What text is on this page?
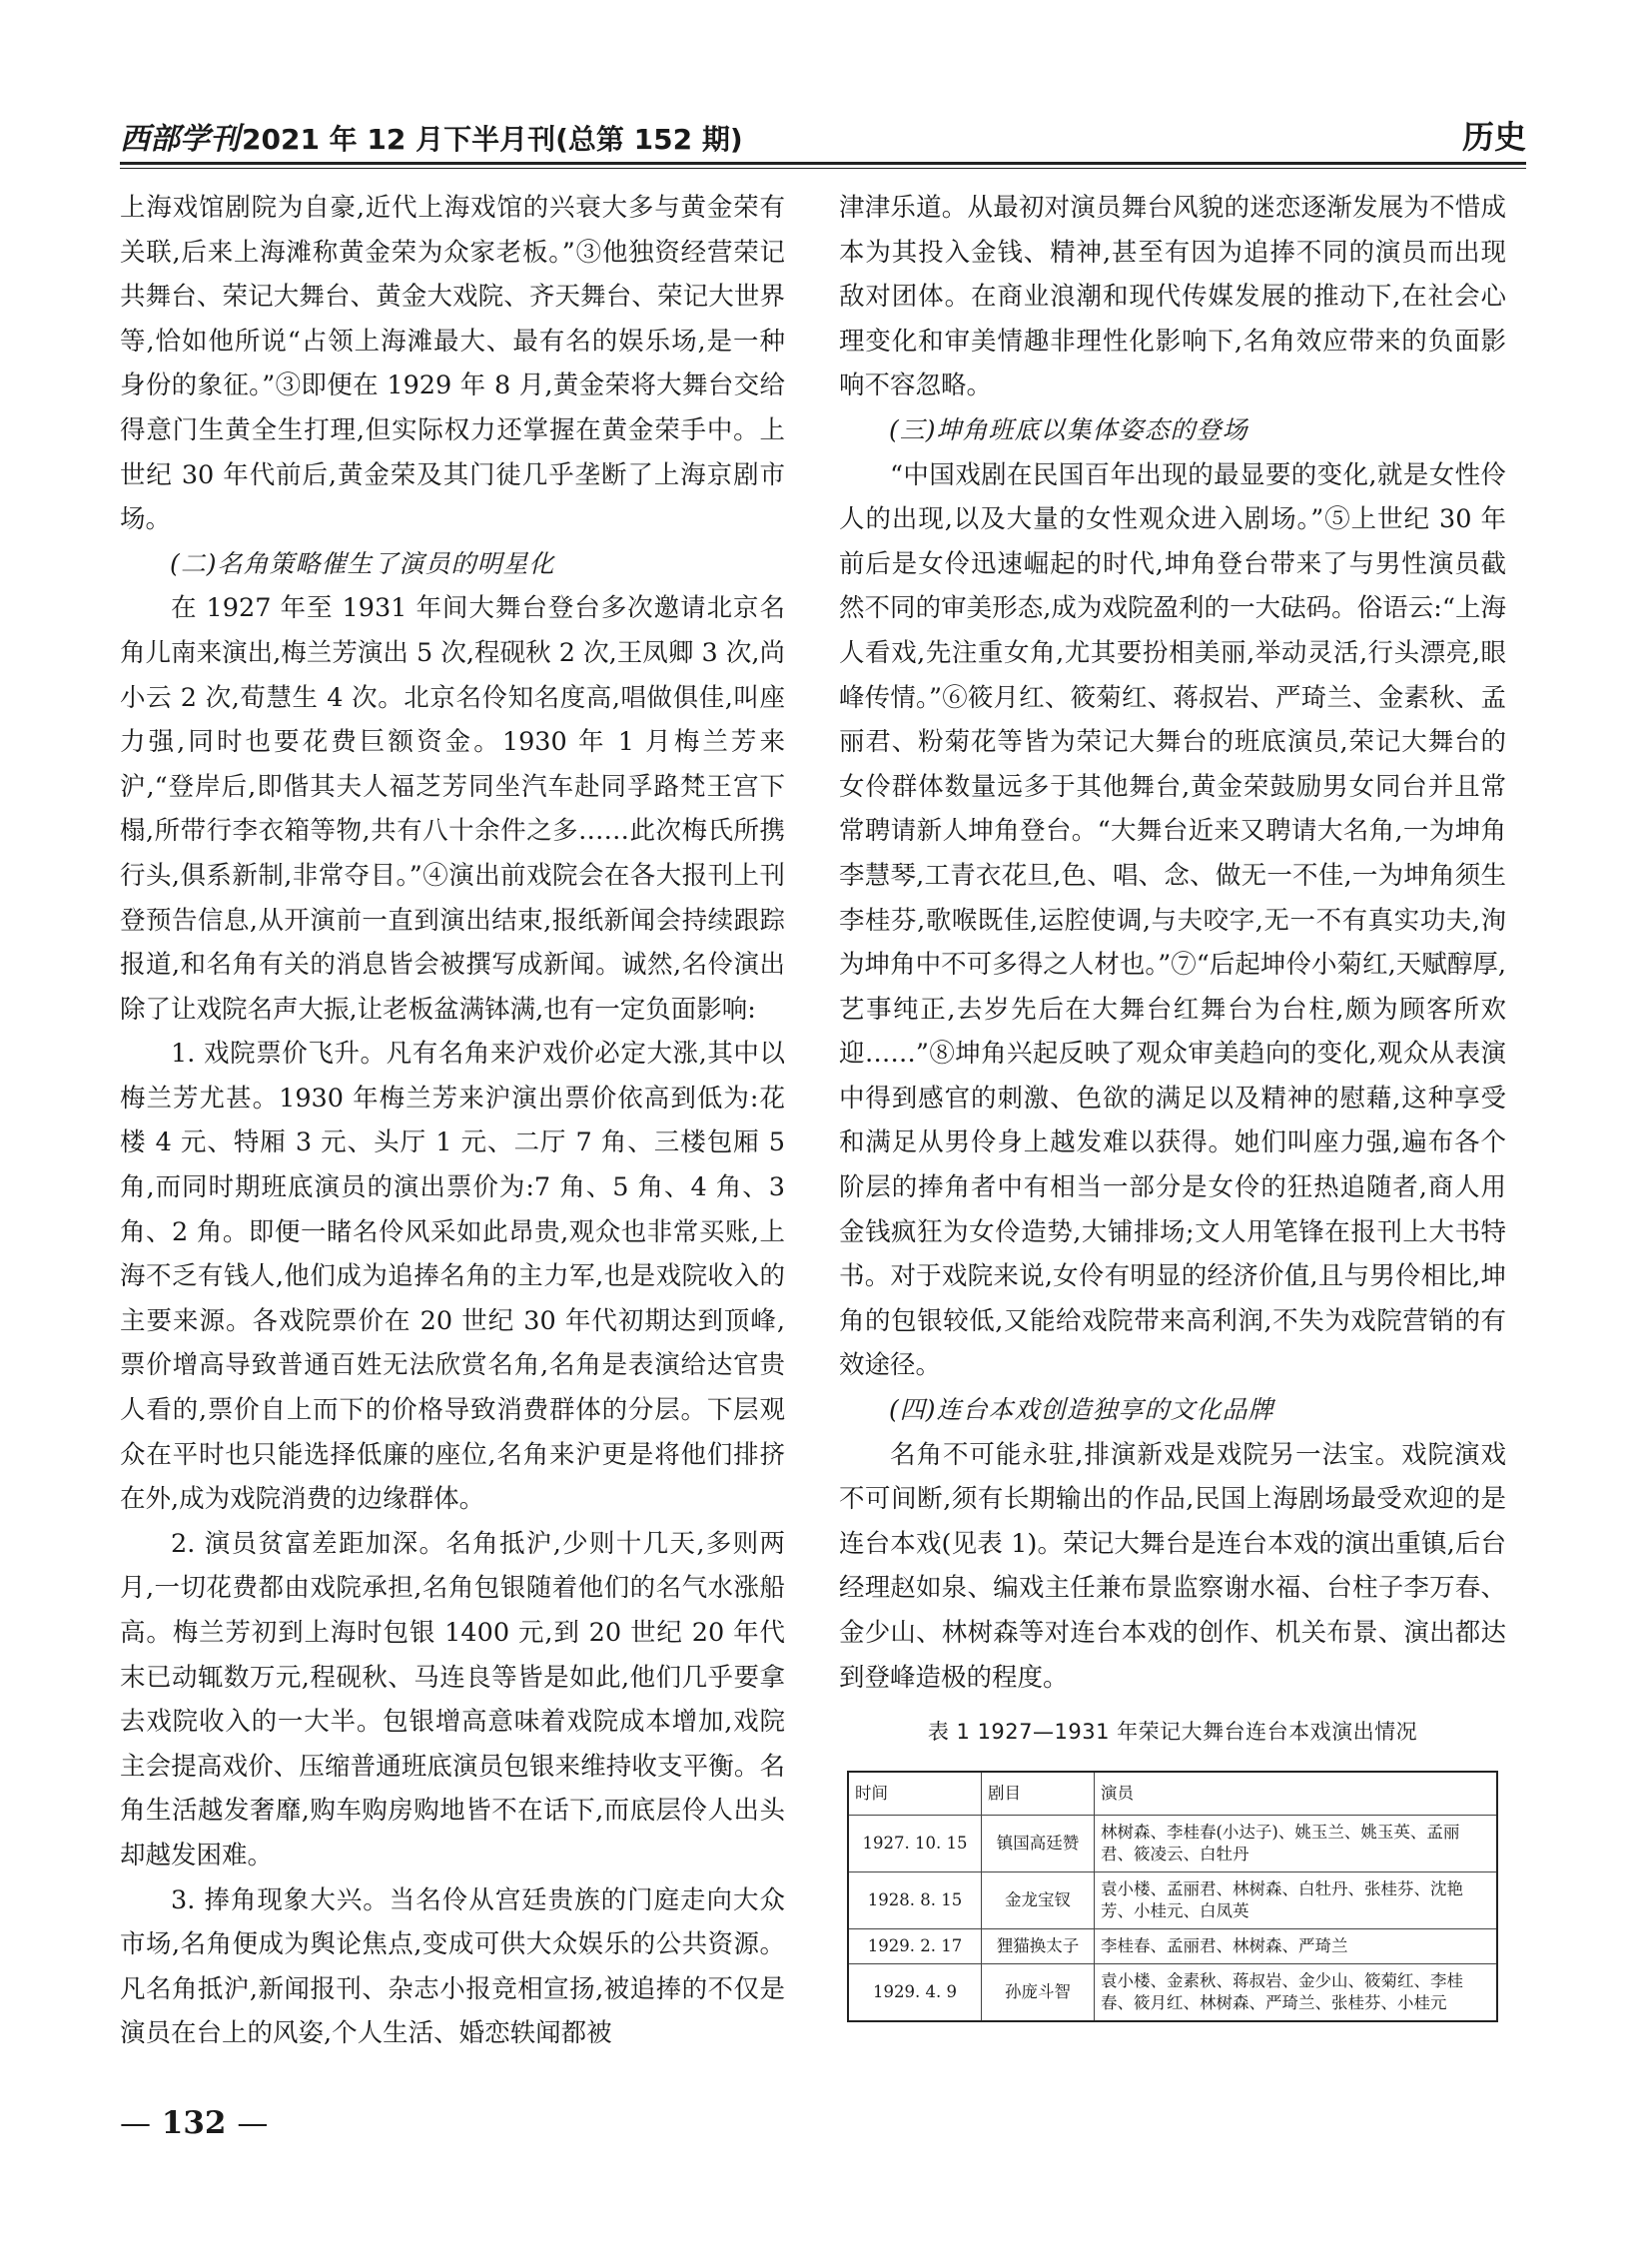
西部学刊2021 年 12 月下半月刊(总第 152 期)	历史

上海戏馆剧院为自豪,近代上海戏馆的兴衰大多与黄金荣有关联,后来上海滩称黄金荣为众家老板。”③他独资经营荣记共舞台、荣记大舞台、黄金大戏院、齐天舞台、荣记大世界等,恰如他所说“占领上海滩最大、最有名的娱乐场,是一种身份的象征。”③即便在 1929 年 8 月,黄金荣将大舞台交给得意门生黄全生打理,但实际权力还掌握在黄金荣手中。上世纪 30 年代前后,黄金荣及其门徒几乎垄断了上海京剧市场。

(二)名角策略催生了演员的明星化

在 1927 年至 1931 年间大舞台登台多次邀请北京名角儿南来演出,梅兰芳演出 5 次,程砚秋 2 次,王凤卿 3 次,尚小云 2 次,荀慧生 4 次。北京名伶知名度高,唱做俱佳,叫座力强,同时也要花费巨额资金。1930 年 1 月梅兰芳来沪,“登岸后,即偕其夫人福芝芳同坐汽车赴同孚路梵王宫下榻,所带行李衣箱等物,共有八十余件之多……此次梅氏所携行头,俱系新制,非常夺目。”④演出前戏院会在各大报刊上刊登预告信息,从开演前一直到演出结束,报纸新闻会持续跟踪报道,和名角有关的消息皆会被撰写成新闻。诚然,名伶演出除了让戏院名声大振,让老板盆满钵满,也有一定负面影响:

1. 戏院票价飞升。凡有名角来沪戏价必定大涨,其中以梅兰芳尤甚。1930 年梅兰芳来沪演出票价依高到低为:花楼 4 元、特厢 3 元、头厅 1 元、二厅 7 角、三楼包厢 5 角,而同时期班底演员的演出票价为:7 角、5 角、4 角、3 角、2 角。即便一睹名伶风采如此昂贵,观众也非常买账,上海不乏有钱人,他们成为追捧名角的主力军,也是戏院收入的主要来源。各戏院票价在 20 世纪 30 年代初期达到顶峰,票价增高导致普通百姓无法欣赏名角,名角是表演给达官贵人看的,票价自上而下的价格导致消费群体的分层。下层观众在平时也只能选择低廉的座位,名角来沪更是将他们排挤在外,成为戏院消费的边缘群体。

2. 演员贫富差距加深。名角抵沪,少则十几天,多则两月,一切花费都由戏院承担,名角包银随着他们的名气水涨船高。梅兰芳初到上海时包银 1400 元,到 20 世纪 20 年代末已动辄数万元,程砚秋、马连良等皆是如此,他们几乎要拿去戏院收入的一大半。包银增高意味着戏院成本增加,戏院主会提高戏价、压缩普通班底演员包银来维持收支平衡。名角生活越发奢靡,购车购房购地皆不在话下,而底层伶人出头却越发困难。

3. 捧角现象大兴。当名伶从宫廷贵族的门庭走向大众市场,名角便成为舆论焦点,变成可供大众娱乐的公共资源。凡名角抵沪,新闻报刊、杂志小报竞相宣扬,被追捧的不仅是演员在台上的风姿,个人生活、婚恋轶闻都被

津津乐道。从最初对演员舞台风貌的迷恋逐渐发展为不惜成本为其投入金钱、精神,甚至有因为追捧不同的演员而出现敌对团体。在商业浪潮和现代传媒发展的推动下,在社会心理变化和审美情趣非理性化影响下,名角效应带来的负面影响不容忽略。

(三)坤角班底以集体姿态的登场

“中国戏剧在民国百年出现的最显要的变化,就是女性伶人的出现,以及大量的女性观众进入剧场。”⑤上世纪 30 年前后是女伶迅速崛起的时代,坤角登台带来了与男性演员截然不同的审美形态,成为戏院盈利的一大砝码。俗语云:“上海人看戏,先注重女角,尤其要扮相美丽,举动灵活,行头漂亮,眼峰传情。”⑥筱月红、筱菊红、蒋叔岩、严琦兰、金素秋、孟丽君、粉菊花等皆为荣记大舞台的班底演员,荣记大舞台的女伶群体数量远多于其他舞台,黄金荣鼓励男女同台并且常常聘请新人坤角登台。“大舞台近来又聘请大名角,一为坤角李慧琴,工青衣花旦,色、唱、念、做无一不佳,一为坤角须生李桂芬,歌喉既佳,运腔使调,与夫咬字,无一不有真实功夫,洵为坤角中不可多得之人材也。”⑦“后起坤伶小菊红,天赋醇厚,艺事纯正,去岁先后在大舞台红舞台为台柱,颇为顾客所欢迎……”⑧坤角兴起反映了观众审美趋向的变化,观众从表演中得到感官的刺激、色欲的满足以及精神的慰藉,这种享受和满足从男伶身上越发难以获得。她们叫座力强,遍布各个阶层的捧角者中有相当一部分是女伶的狂热追随者,商人用金钱疯狂为女伶造势,大铺排场;文人用笔锋在报刊上大书特书。对于戏院来说,女伶有明显的经济价值,且与男伶相比,坤角的包银较低,又能给戏院带来高利润,不失为戏院营销的有效途径。

(四)连台本戏创造独享的文化品牌

名角不可能永驻,排演新戏是戏院另一法宝。戏院演戏不可间断,须有长期输出的作品,民国上海剧场最受欢迎的是连台本戏(见表 1)。荣记大舞台是连台本戏的演出重镇,后台经理赵如泉、编戏主任兼布景监察谢水福、台柱子李万春、金少山、林树森等对连台本戏的创作、机关布景、演出都达到登峰造极的程度。

表 1 1927—1931 年荣记大舞台连台本戏演出情况
时间	剧目	演员
1927. 10. 15	镇国高廷赞	林树森、李桂春(小达子)、姚玉兰、姚玉英、孟丽君、筱凌云、白牡丹
1928. 8. 15	金龙宝钗	袁小楼、孟丽君、林树森、白牡丹、张桂芬、沈艳芳、小桂元、白凤英
1929. 2. 17	狸猫换太子	李桂春、孟丽君、林树森、严琦兰
1929. 4. 9	孙庞斗智	袁小楼、金素秋、蒋叔岩、金少山、筱菊红、李桂春、筱月红、林树森、严琦兰、张桂芬、小桂元
— 132 —
